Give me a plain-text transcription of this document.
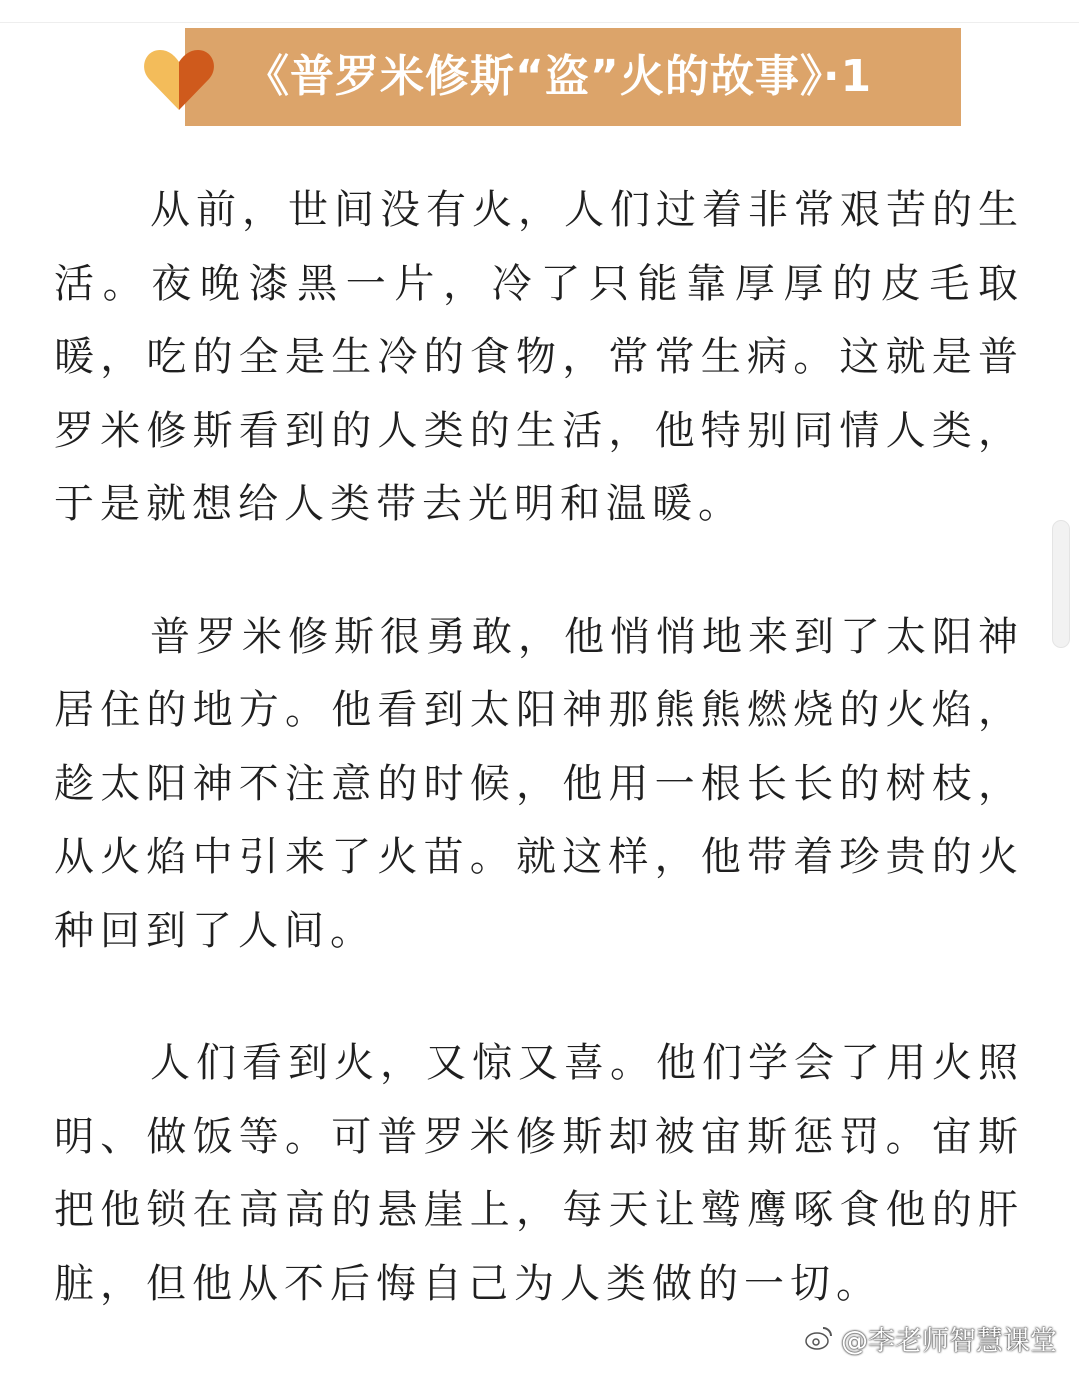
《普罗米修斯“盗”火的故事》·1

从前，世间没有火，人们过着非常艰苦的生活。夜晚漆黑一片，冷了只能靠厚厚的皮毛取暖，吃的全是生冷的食物，常常生病。这就是普罗米修斯看到的人类的生活，他特别同情人类，于是就想给人类带去光明和温暖。

普罗米修斯很勇敢，他悄悄地来到了太阳神居住的地方。他看到太阳神那熊熊燃烧的火焰，趁太阳神不注意的时候，他用一根长长的树枝，从火焰中引来了火苗。就这样，他带着珍贵的火种回到了人间。

人们看到火，又惊又喜。他们学会了用火照明、做饭等。可普罗米修斯却被宙斯惩罚。宙斯把他锁在高高的悬崖上，每天让鹫鹰啄食他的肝脏，但他从不后悔自己为人类做的一切。

@李老师智慧课堂
